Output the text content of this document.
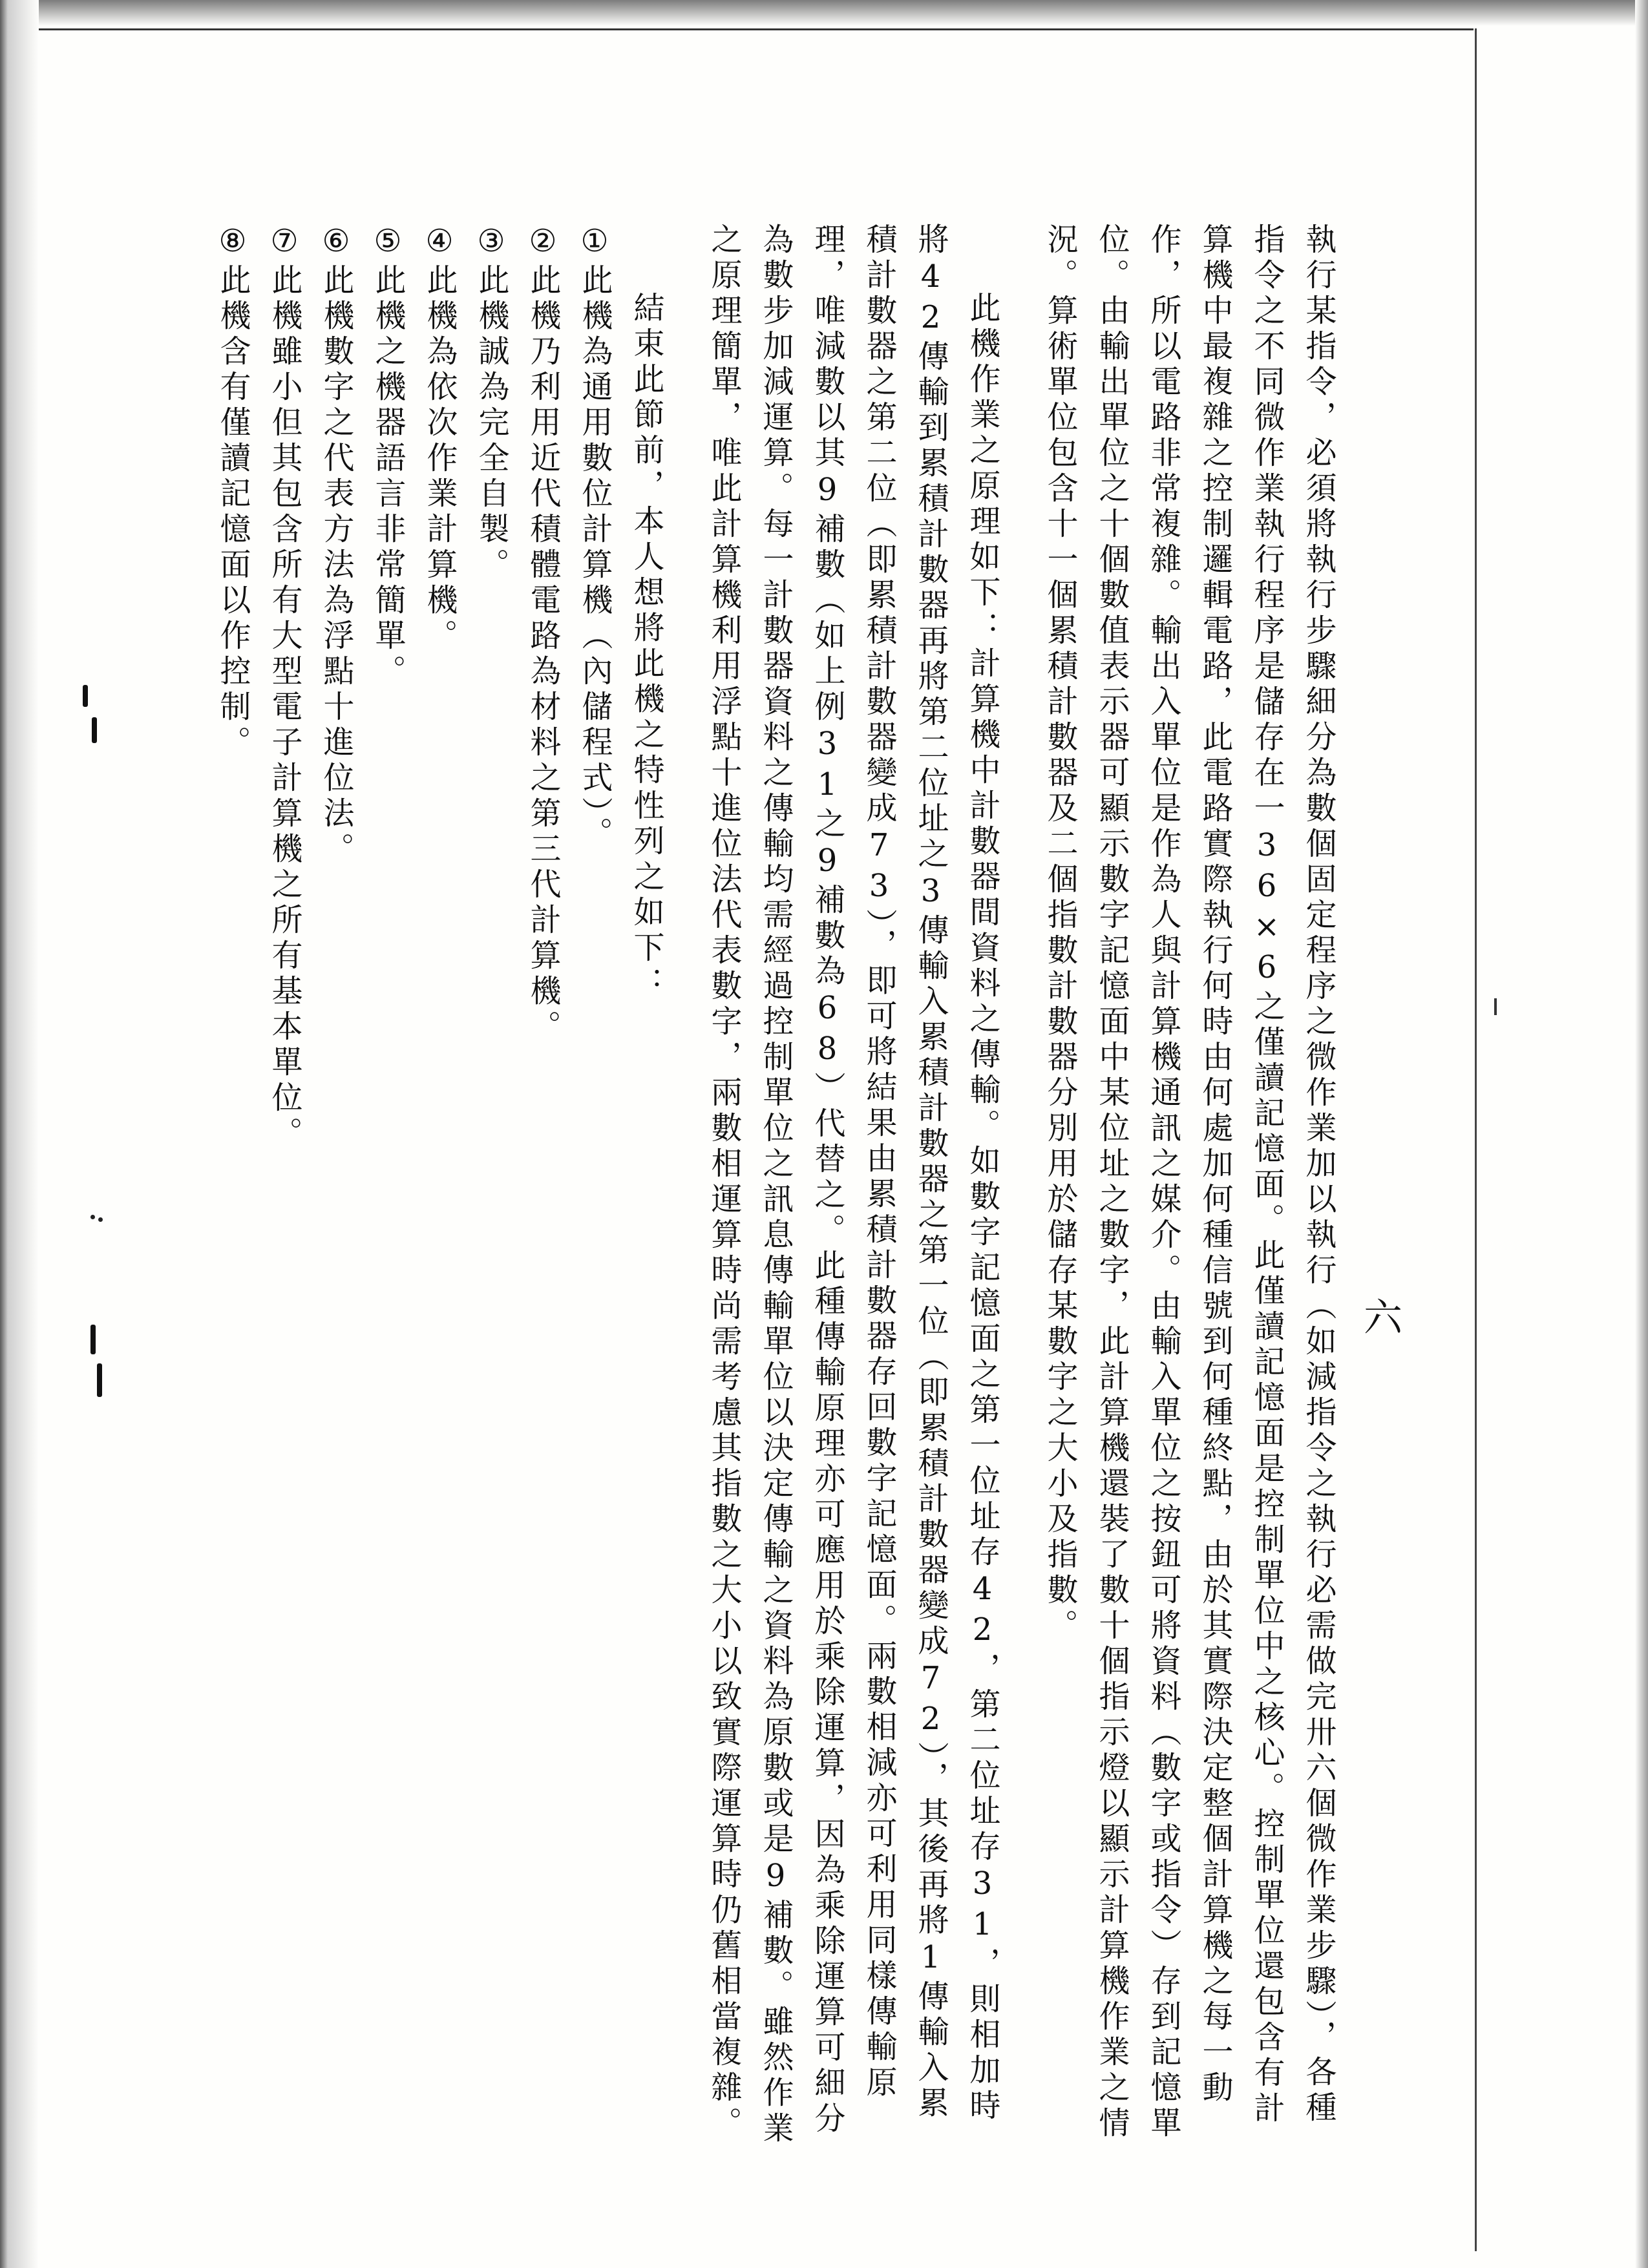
六

執行某指令，必須將執行步驟細分為數個固定程序之微作業加以執行（如減指令之執行必需做完卅六個微作業步驟），各種指令之不同微作業執行程序是儲存在一36×6之僅讀記憶面。此僅讀記憶面是控制單位中之核心。控制單位還包含有計算機中最複雜之控制邏輯電路，此電路實際執行何時由何處加何種信號到何種終點，由於其實際決定整個計算機之每一動作，所以電路非常複雜。輸出入單位是作為人與計算機通訊之媒介。由輸入單位之按鈕可將資料（數字或指令）存到記憶單位。由輸出單位之十個數值表示器可顯示數字記憶面中某位址之數字，此計算機還裝了數十個指示燈以顯示計算機作業之情況。算術單位包含十一個累積計數器及二個指數計數器分別用於儲存某數字之大小及指數。

此機作業之原理如下：計算機中計數器間資料之傳輸。如數字記憶面之第一位址存42，第二位址存31，則相加時將42傳輸到累積計數器再將第二位址之3傳輸入累積計數器之第一位（即累積計數器變成72），其後再將1傳輸入累積計數器之第二位（即累積計數器變成73），即可將結果由累積計數器存回數字記憶面。兩數相減亦可利用同樣傳輸原理，唯減數以其9補數（如上例31之9補數為68）代替之。此種傳輸原理亦可應用於乘除運算，因為乘除運算可細分為數步加減運算。每一計數器資料之傳輸均需經過控制單位之訊息傳輸單位以決定傳輸之資料為原數或是9補數。雖然作業之原理簡單，唯此計算機利用浮點十進位法代表數字，兩數相運算時尚需考慮其指數之大小以致實際運算時仍舊相當複雜。

結束此節前，本人想將此機之特性列之如下：

①此機為通用數位計算機（內儲程式）。

②此機乃利用近代積體電路為材料之第三代計算機。

③此機誠為完全自製。

④此機為依次作業計算機。

⑤此機之機器語言非常簡單。

⑥此機數字之代表方法為浮點十進位法。

⑦此機雖小但其包含所有大型電子計算機之所有基本單位。

⑧此機含有僅讀記憶面以作控制。
